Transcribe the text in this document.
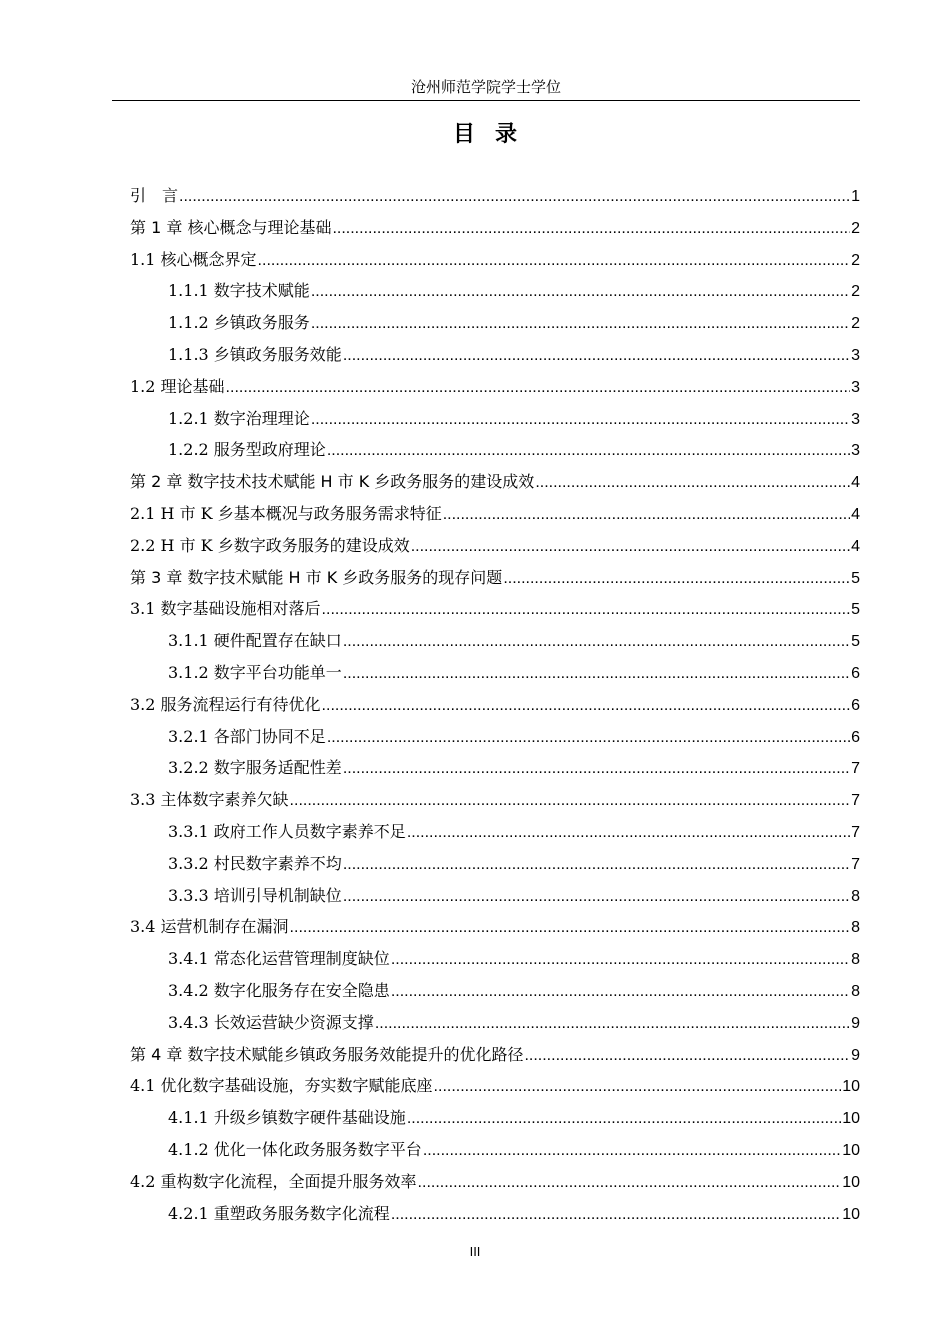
沧州师范学院学士学位
目录
引　言 .....	1
第 1 章 核心概念与理论基础 .....	2
1.1 核心概念界定 .....	2
1.1.1 数字技术赋能 .....	2
1.1.2 乡镇政务服务 .....	2
1.1.3 乡镇政务服务效能 .....	3
1.2 理论基础 .....	3
1.2.1 数字治理理论 .....	3
1.2.2 服务型政府理论 .....	3
第 2 章 数字技术技术赋能 H 市 K 乡政务服务的建设成效 .....	4
2.1 H 市 K 乡基本概况与政务服务需求特征 .....	4
2.2 H 市 K 乡数字政务服务的建设成效 .....	4
第 3 章 数字技术赋能 H 市 K 乡政务服务的现存问题 .....	5
3.1 数字基础设施相对落后 .....	5
3.1.1 硬件配置存在缺口 .....	5
3.1.2 数字平台功能单一 .....	6
3.2 服务流程运行有待优化 .....	6
3.2.1 各部门协同不足 .....	6
3.2.2 数字服务适配性差 .....	7
3.3 主体数字素养欠缺 .....	7
3.3.1 政府工作人员数字素养不足 .....	7
3.3.2 村民数字素养不均 .....	7
3.3.3 培训引导机制缺位 .....	8
3.4 运营机制存在漏洞 .....	8
3.4.1 常态化运营管理制度缺位 .....	8
3.4.2 数字化服务存在安全隐患 .....	8
3.4.3 长效运营缺少资源支撑 .....	9
第 4 章 数字技术赋能乡镇政务服务效能提升的优化路径 .....	9
4.1 优化数字基础设施，夯实数字赋能底座 .....	10
4.1.1 升级乡镇数字硬件基础设施 .....	10
4.1.2 优化一体化政务服务数字平台 .....	10
4.2 重构数字化流程，全面提升服务效率 .....	10
4.2.1 重塑政务服务数字化流程 .....	10
III
